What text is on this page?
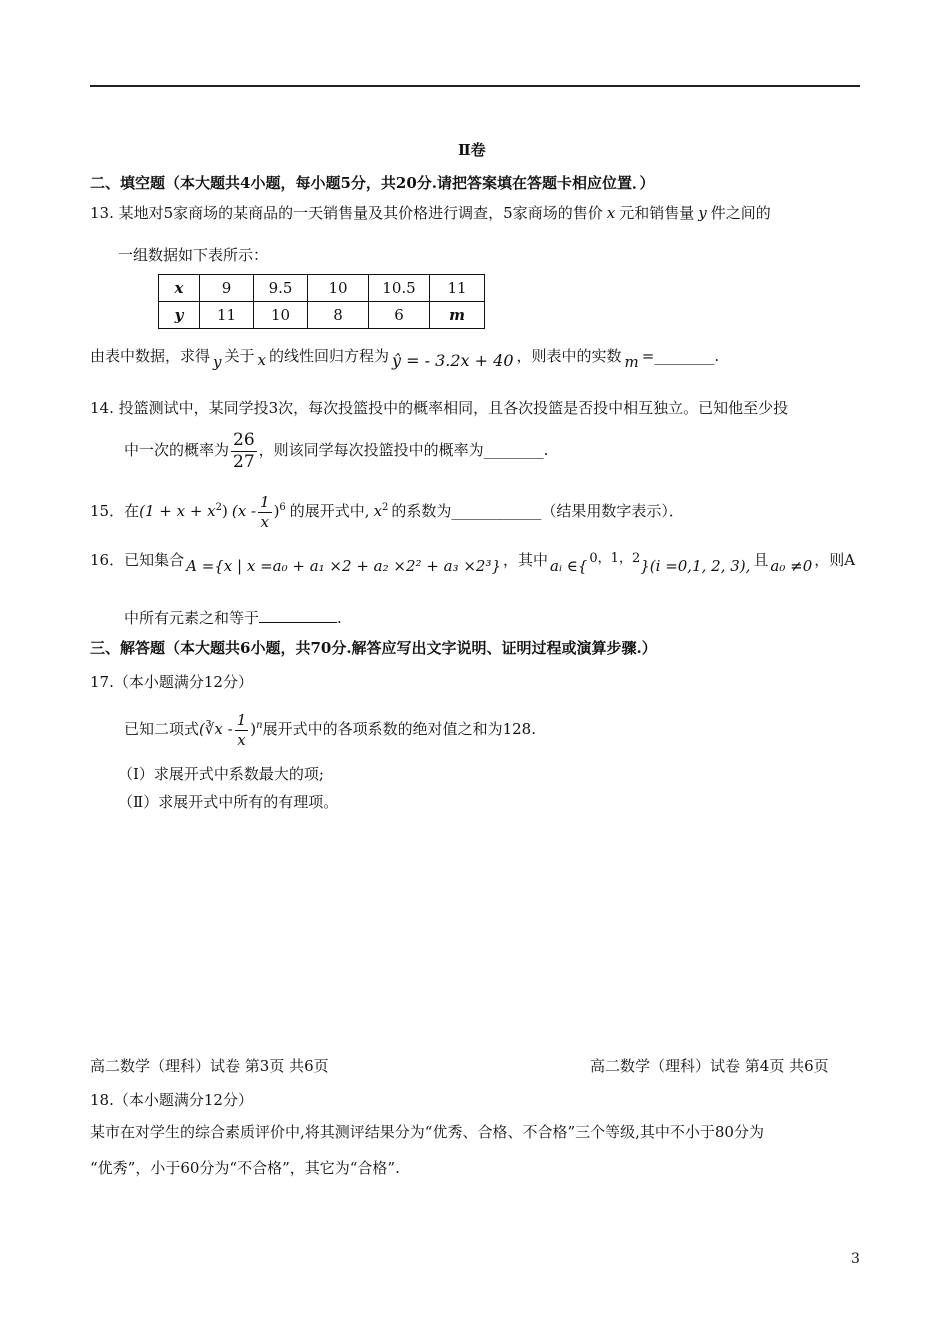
Ⅱ卷
二、填空题（本大题共4小题，每小题5分，共20分.请把答案填在答题卡相应位置．）
13. 某地对5家商场的某商品的一天销售量及其价格进行调查，5家商场的售价 x 元和销售量 y 件之间的
一组数据如下表所示：
x	9	9.5	10	10.5	11
y	11	10	8	6	m
由表中数据，求得 y 关于 x 的线性回归方程为 ŷ = - 3.2x + 40 ，则表中的实数 m =________.
14. 投篮测试中，某同学投3次，每次投篮投中的概率相同，且各次投篮是否投中相互独立。已知他至少投
中一次的概率为 $\frac{26}{27}$ ，则该同学每次投篮投中的概率为________.
15．在$(1 + x + x^2)$ $(x - \frac{1}{x} )^6$ 的展开式中, $x^2$ 的系数为____________（结果用数字表示）．
16．已知集合 A ={x | x =a₀ + a₁ ×2 + a₂ ×2² + a₃ ×2³} ，其中 aᵢ ∈{ 0，1，2}(i =0,1, 2, 3), 且 a₀ ≠0 ，则A
中所有元素之和等于	.
三、解答题（本大题共6小题，共70分.解答应写出文字说明、证明过程或演算步骤.）
17.（本小题满分12分）
已知二项式(∛x - $\frac{1}{x} )^n$展开式中的各项系数的绝对值之和为128.
（Ⅰ）求展开式中系数最大的项;
（Ⅱ）求展开式中所有的有理项。
高二数学（理科）试卷 第3页 共6页	高二数学（理科）试卷 第4页 共6页
18.（本小题满分12分）
某市在对学生的综合素质评价中,将其测评结果分为“优秀、合格、不合格”三个等级,其中不小于80分为
“优秀”，小于60分为“不合格”，其它为“合格”.
3
